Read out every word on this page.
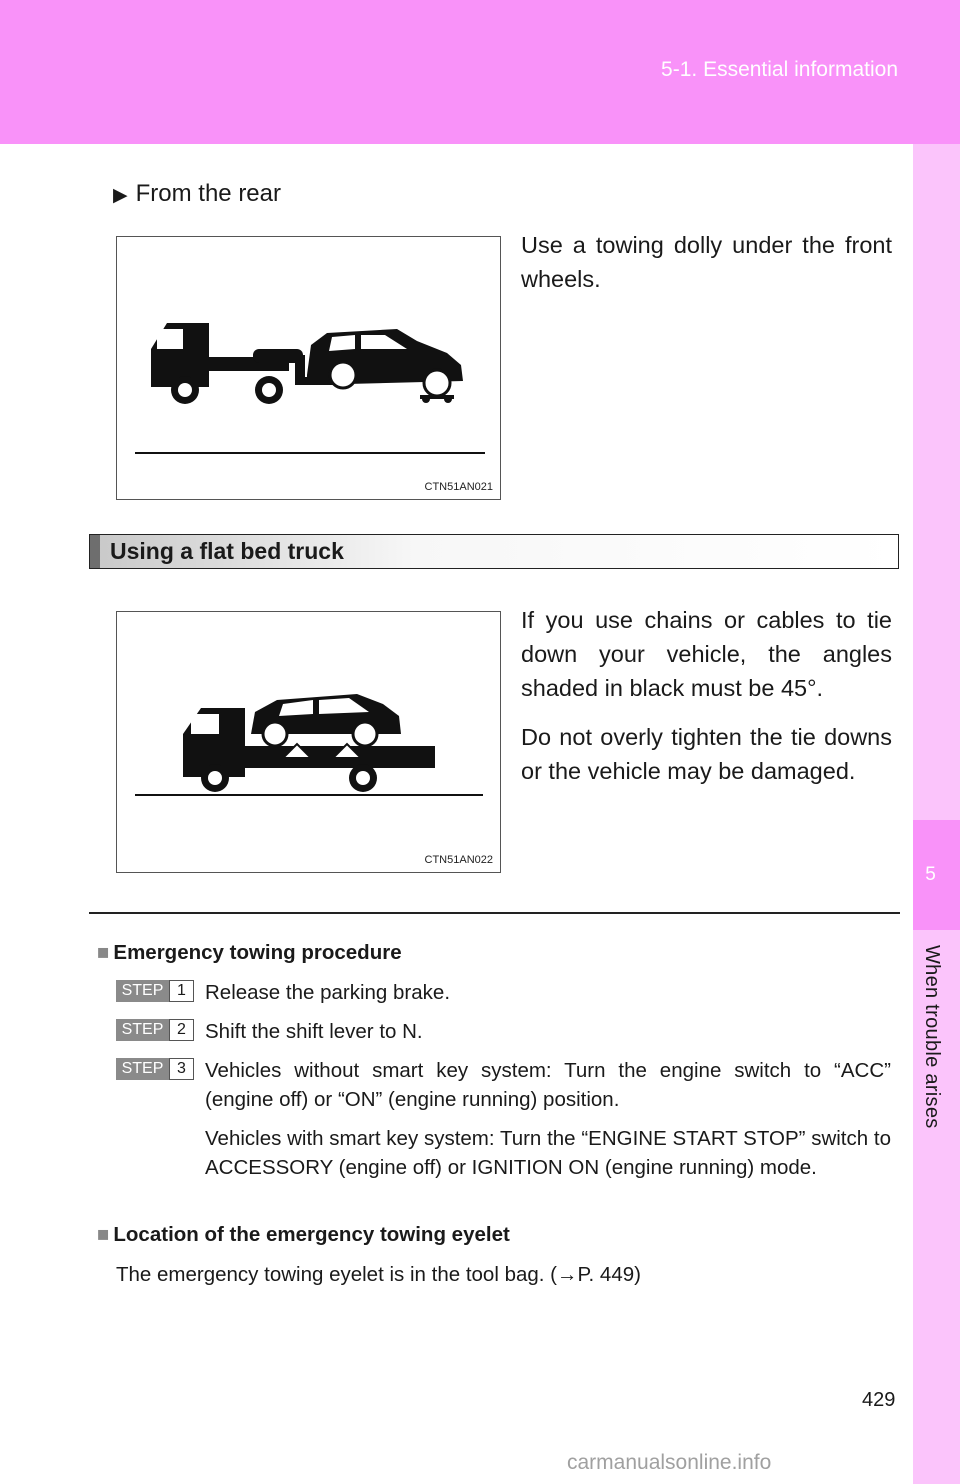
5-1. Essential information
5
When trouble arises
▶ From the rear
CTN51AN021
Use a towing dolly under the front wheels.
Using a flat bed truck
CTN51AN022
If you use chains or cables to tie down your vehicle, the angles shaded in black must be 45°.
Do not overly tighten the tie downs or the vehicle may be damaged.
■ Emergency towing procedure
STEP 1 Release the parking brake.
STEP 2 Shift the shift lever to N.
STEP 3 Vehicles without smart key system: Turn the engine switch to “ACC” (engine off) or “ON” (engine running) position.
Vehicles with smart key system: Turn the “ENGINE START STOP” switch to ACCESSORY (engine off) or IGNITION ON (engine running) mode.
■ Location of the emergency towing eyelet
The emergency towing eyelet is in the tool bag. (→P. 449)
429
carmanualsonline.info
